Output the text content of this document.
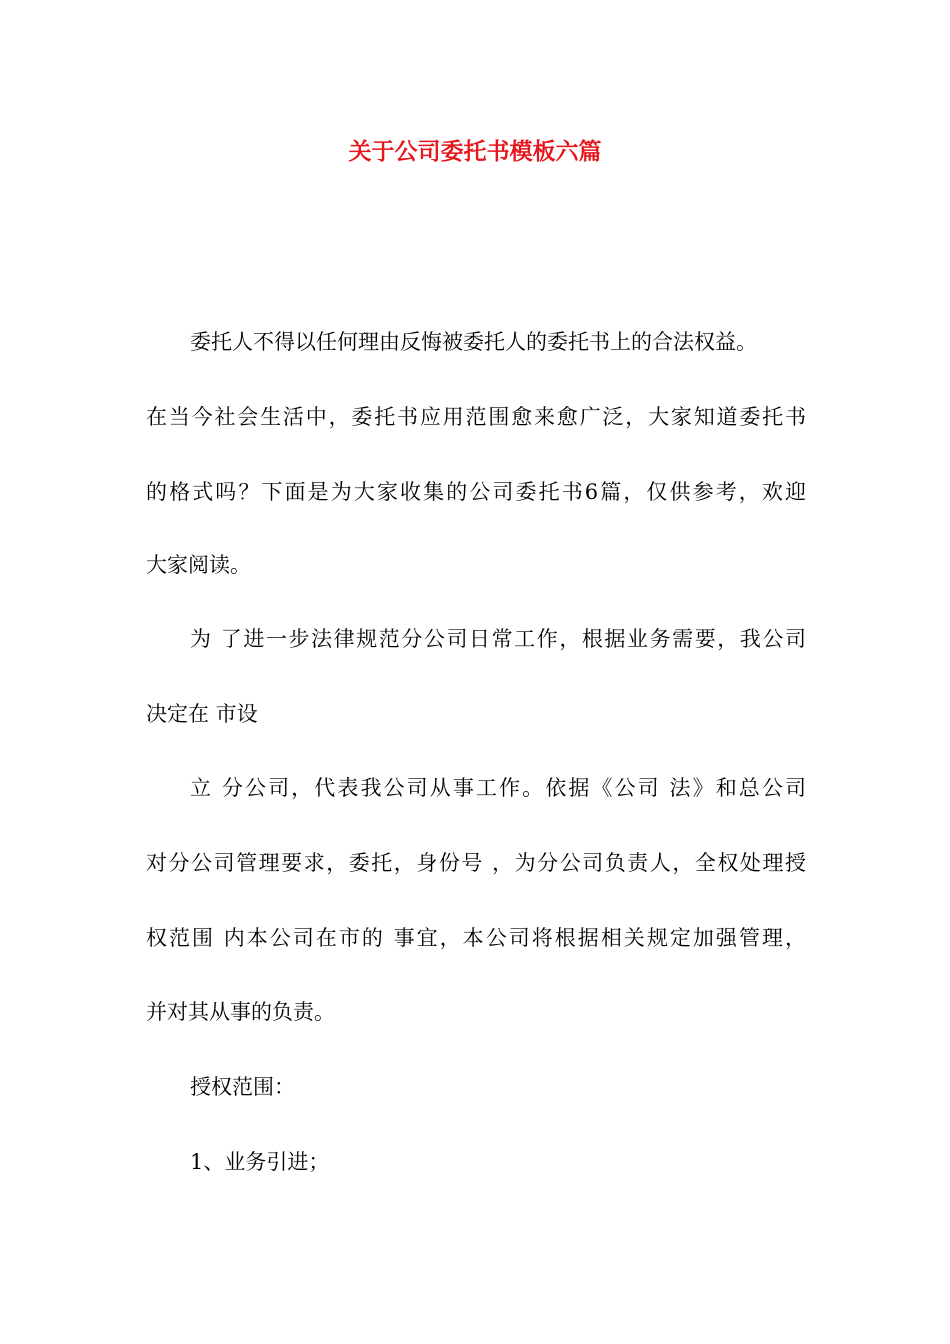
关于公司委托书模板六篇
委托人不得以任何理由反悔被委托人的委托书上的合法权益。
在当今社会生活中，委托书应用范围愈来愈广泛，大家知道委托书
的格式吗？下面是为大家收集的公司委托书6篇，仅供参考，欢迎
大家阅读。
为 了进一步法律规范分公司日常工作，根据业务需要，我公司
决定在 市设
立 分公司，代表我公司从事工作。依据《公司 法》和总公司
对分公司管理要求，委托，身份号 ，为分公司负责人，全权处理授
权范围 内本公司在市的 事宜，本公司将根据相关规定加强管理，
并对其从事的负责。
授权范围：
1、业务引进；
